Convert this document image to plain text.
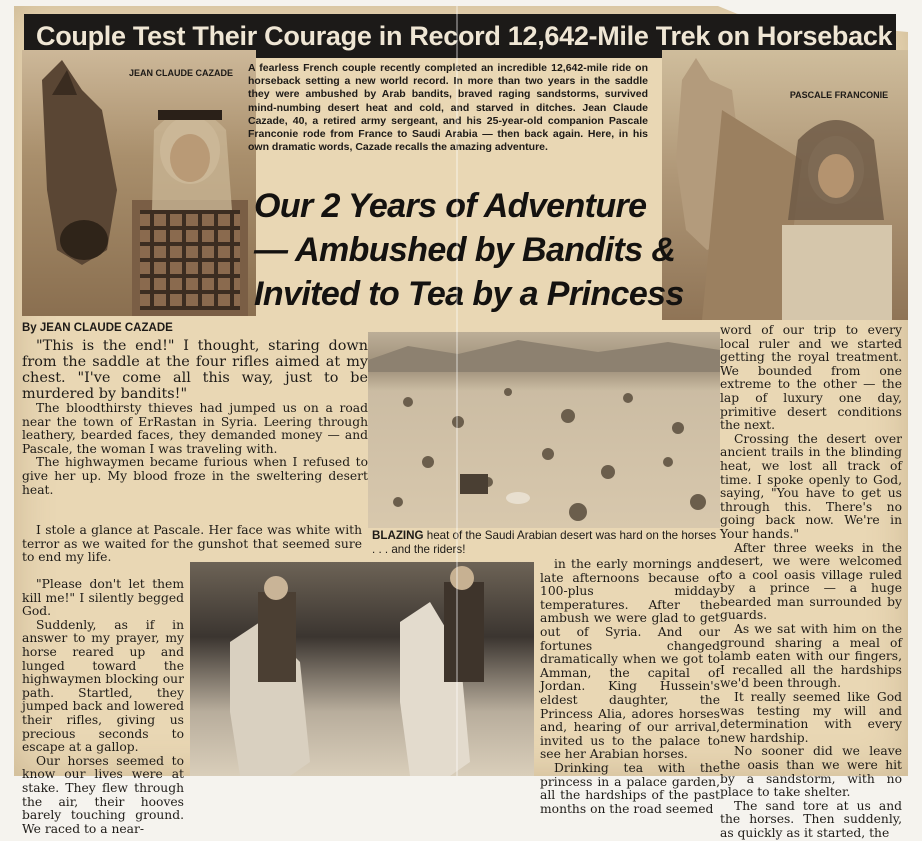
Couple Test Their Courage in Record 12,642-Mile Trek on Horseback
JEAN CLAUDE CAZADE A fearless French couple recently completed an incredible 12,642-mile ride on horseback setting a new world record. In more than two years in the saddle they were ambushed by Arab bandits, braved raging sandstorms, survived mind-numbing desert heat and cold, and starved in ditches. Jean Claude Cazade, 40, a retired army sergeant, and his 25-year-old companion Pascale Franconie rode from France to Saudi Arabia — then back again. Here, in his own dramatic words, Cazade recalls the amazing adventure.
PASCALE FRANCONIE
Our 2 Years of Adventure
— Ambushed by Bandits &
Invited to Tea by a Princess
By JEAN CLAUDE CAZADE

"This is the end!" I thought, staring down from the saddle at the four rifles aimed at my chest. "I've come all this way, just to be murdered by bandits!"

The bloodthirsty thieves had jumped us on a road near the town of ErRastan in Syria. Leering through leathery, bearded faces, they demanded money — and Pascale, the woman I was traveling with.

The highwaymen became furious when I refused to give her up. My blood froze in the sweltering desert heat.

I stole a glance at Pascale. Her face was white with terror as we waited for the gunshot that seemed sure to end my life.

"Please don't let them kill me!" I silently begged God.

Suddenly, as if in answer to my prayer, my horse reared up and lunged toward the highwaymen blocking our path. Startled, they jumped back and lowered their rifles, giving us precious seconds to escape at a gallop.

Our horses seemed to know our lives were at stake. They flew through the air, their hooves barely touching ground. We raced to a near-

BLAZING heat of the Saudi Arabian desert was hard on the horses . . . and the riders!

in the early mornings and late afternoons because of 100-plus midday temperatures. After the ambush we were glad to get out of Syria. And our fortunes changed dramatically when we got to Amman, the capital of Jordan. King Hussein's eldest daughter, the Princess Alia, adores horses and, hearing of our arrival, invited us to the palace to see her Arabian horses.

Drinking tea with the princess in a palace garden, all the hardships of the past months on the road seemed

word of our trip to every local ruler and we started getting the royal treatment. We bounded from one extreme to the other — the lap of luxury one day, primitive desert conditions the next.

Crossing the desert over ancient trails in the blinding heat, we lost all track of time. I spoke openly to God, saying, "You have to get us through this. There's no going back now. We're in Your hands."

After three weeks in the desert, we were welcomed to a cool oasis village ruled by a prince — a huge bearded man surrounded by guards.

As we sat with him on the ground sharing a meal of lamb eaten with our fingers, I recalled all the hardships we'd been through.

It really seemed like God was testing my will and determination with every new hardship.

No sooner did we leave the oasis than we were hit by a sandstorm, with no place to take shelter.

The sand tore at us and the horses. Then suddenly, as quickly as it started, the
